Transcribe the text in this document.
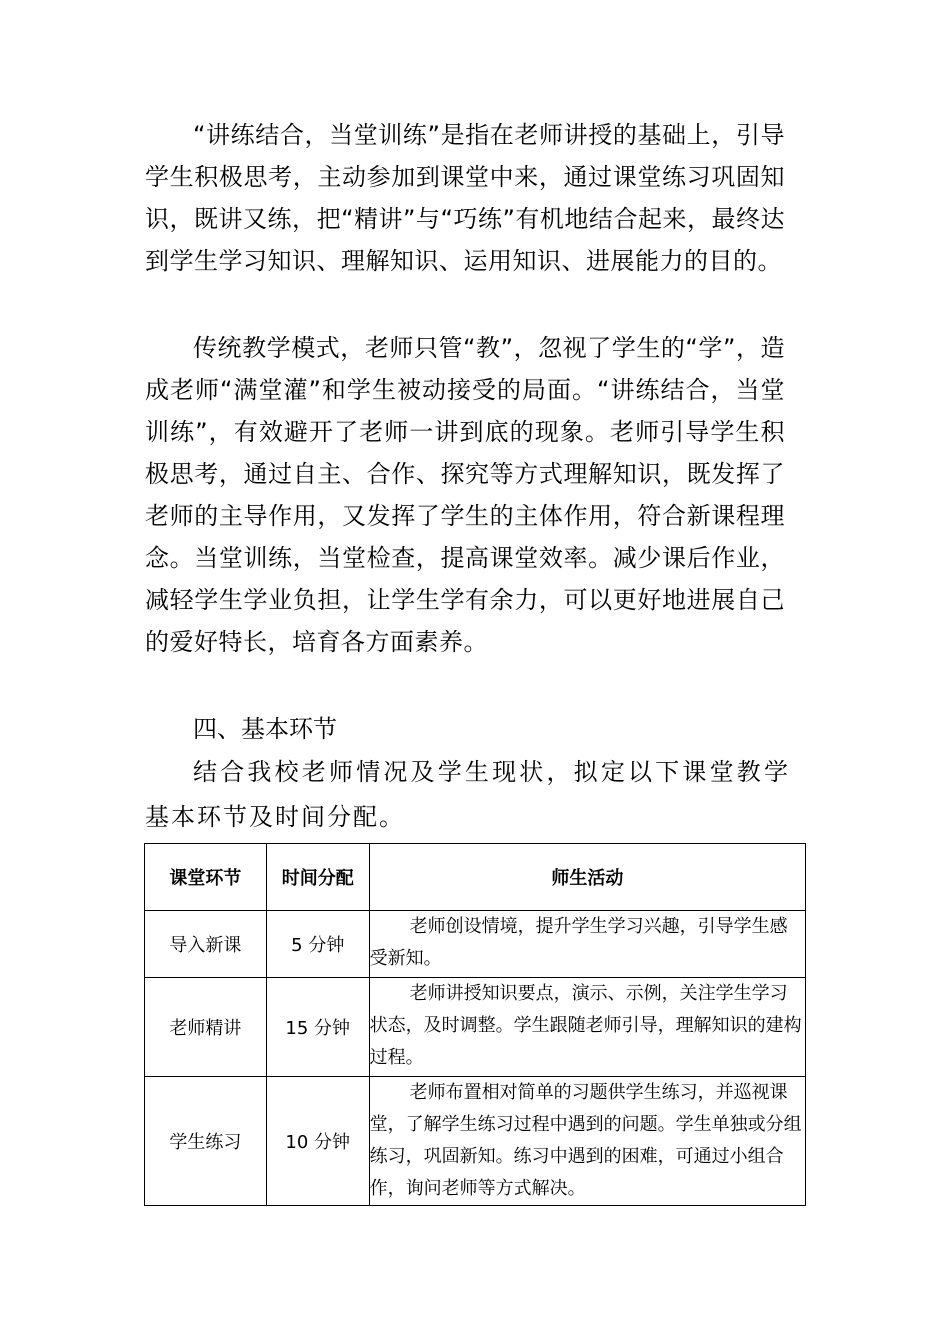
“讲练结合，当堂训练”是指在老师讲授的基础上，引导学生积极思考，主动参加到课堂中来，通过课堂练习巩固知识，既讲又练，把“精讲”与“巧练”有机地结合起来，最终达到学生学习知识、理解知识、运用知识、进展能力的目的。

传统教学模式，老师只管“教”，忽视了学生的“学”，造成老师“满堂灌”和学生被动接受的局面。“讲练结合，当堂训练”，有效避开了老师一讲到底的现象。老师引导学生积极思考，通过自主、合作、探究等方式理解知识，既发挥了老师的主导作用，又发挥了学生的主体作用，符合新课程理念。当堂训练，当堂检查，提高课堂效率。减少课后作业，减轻学生学业负担，让学生学有余力，可以更好地进展自己的爱好特长，培育各方面素养。

四、基本环节

结合我校老师情况及学生现状，拟定以下课堂教学基本环节及时间分配。

课堂环节	时间分配	师生活动
导入新课	5 分钟	老师创设情境，提升学生学习兴趣，引导学生感受新知。
老师精讲	15 分钟	老师讲授知识要点，演示、示例，关注学生学习状态，及时调整。学生跟随老师引导，理解知识的建构过程。
学生练习	10 分钟	老师布置相对简单的习题供学生练习，并巡视课堂，了解学生练习过程中遇到的问题。学生单独或分组练习，巩固新知。练习中遇到的困难，可通过小组合作，询问老师等方式解决。
